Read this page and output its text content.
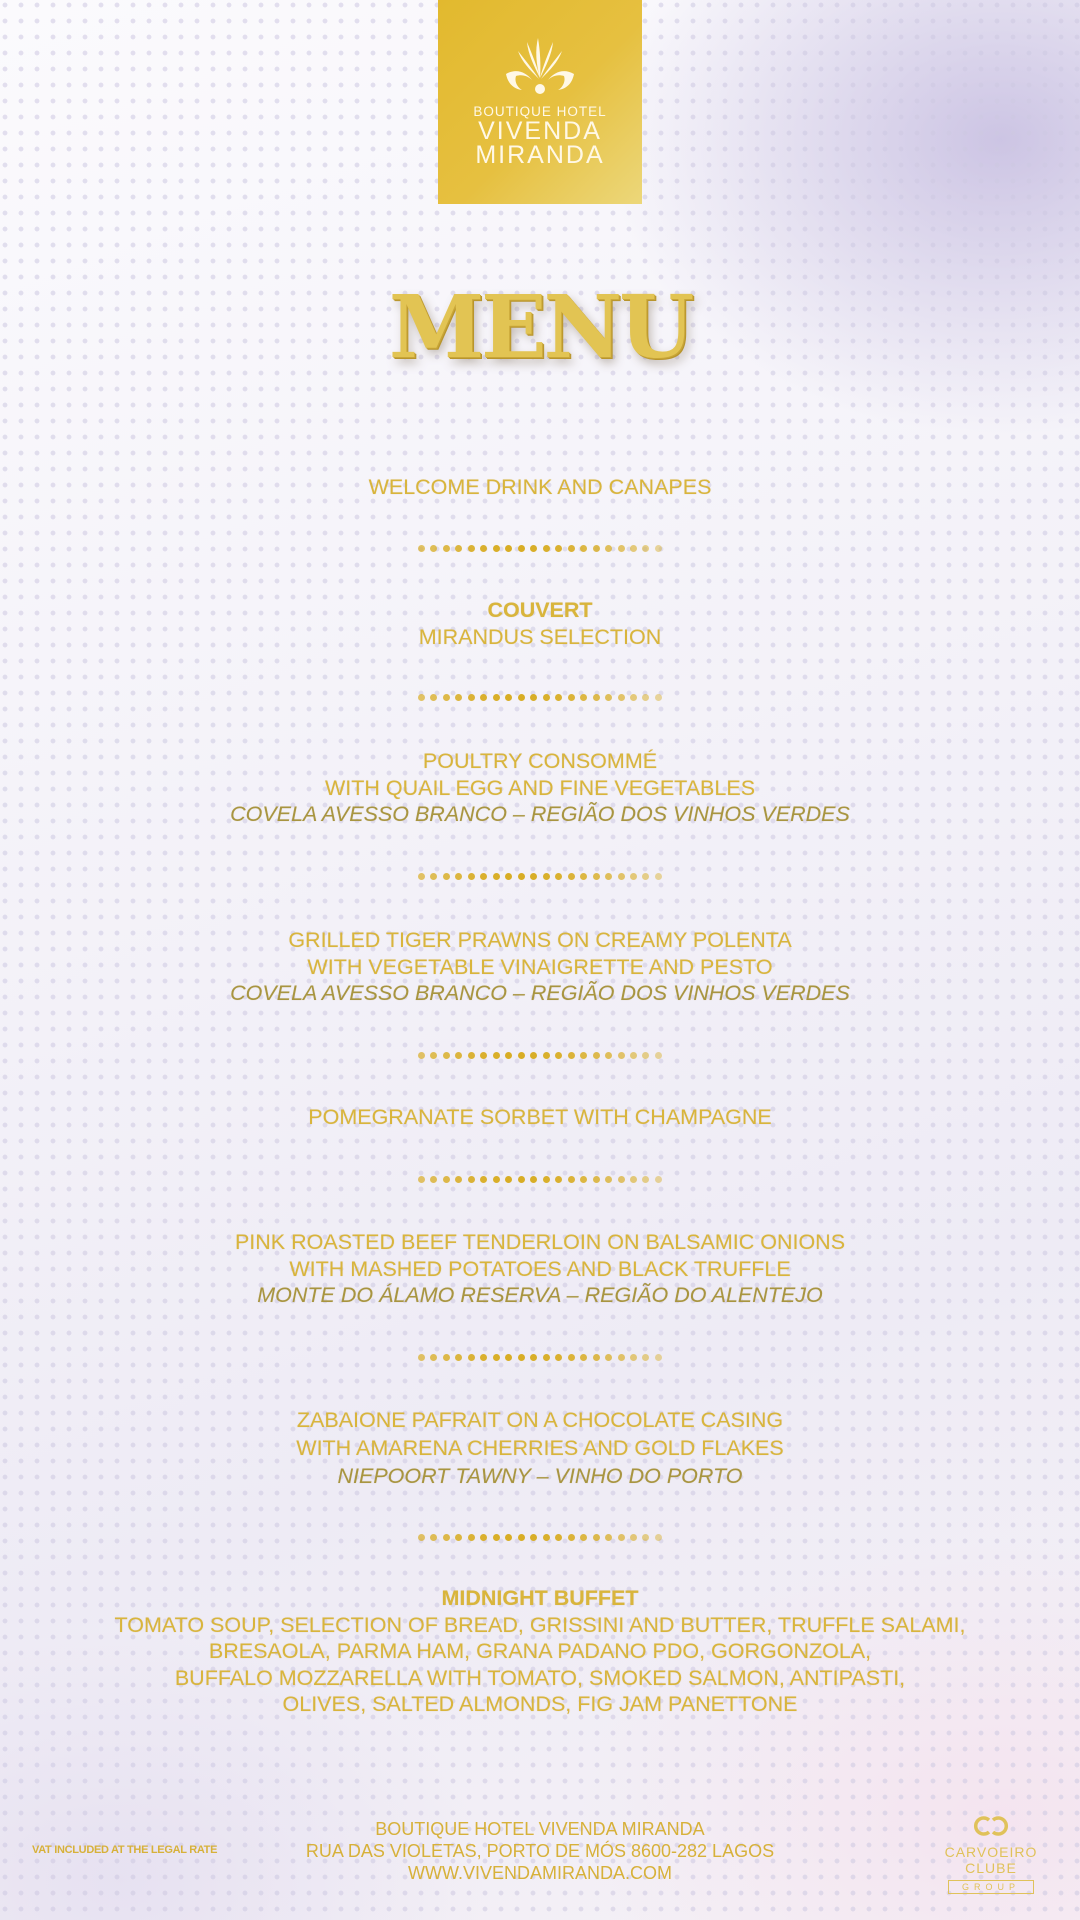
BOUTIQUE HOTEL
VIVENDA
MIRANDA
MENU
WELCOME DRINK AND CANAPES
COUVERT
MIRANDUS SELECTION
POULTRY CONSOMMÉ
WITH QUAIL EGG AND FINE VEGETABLES
COVELA AVESSO BRANCO – REGIÃO DOS VINHOS VERDES
GRILLED TIGER PRAWNS ON CREAMY POLENTA
WITH VEGETABLE VINAIGRETTE AND PESTO
COVELA AVESSO BRANCO – REGIÃO DOS VINHOS VERDES
POMEGRANATE SORBET WITH CHAMPAGNE
PINK ROASTED BEEF TENDERLOIN ON BALSAMIC ONIONS
WITH MASHED POTATOES AND BLACK TRUFFLE
MONTE DO ÁLAMO RESERVA – REGIÃO DO ALENTEJO
ZABAIONE PAFRAIT ON A CHOCOLATE CASING
WITH AMARENA CHERRIES AND GOLD FLAKES
NIEPOORT TAWNY – VINHO DO PORTO
MIDNIGHT BUFFET
TOMATO SOUP, SELECTION OF BREAD, GRISSINI AND BUTTER, TRUFFLE SALAMI,
BRESAOLA, PARMA HAM, GRANA PADANO PDO, GORGONZOLA,
BUFFALO MOZZARELLA WITH TOMATO, SMOKED SALMON, ANTIPASTI,
OLIVES, SALTED ALMONDS, FIG JAM PANETTONE
VAT INCLUDED AT THE LEGAL RATE
BOUTIQUE HOTEL VIVENDA MIRANDA
RUA DAS VIOLETAS, PORTO DE MÓS 8600-282 LAGOS
WWW.VIVENDAMIRANDA.COM
CARVOEIRO CLUBE
GROUP
